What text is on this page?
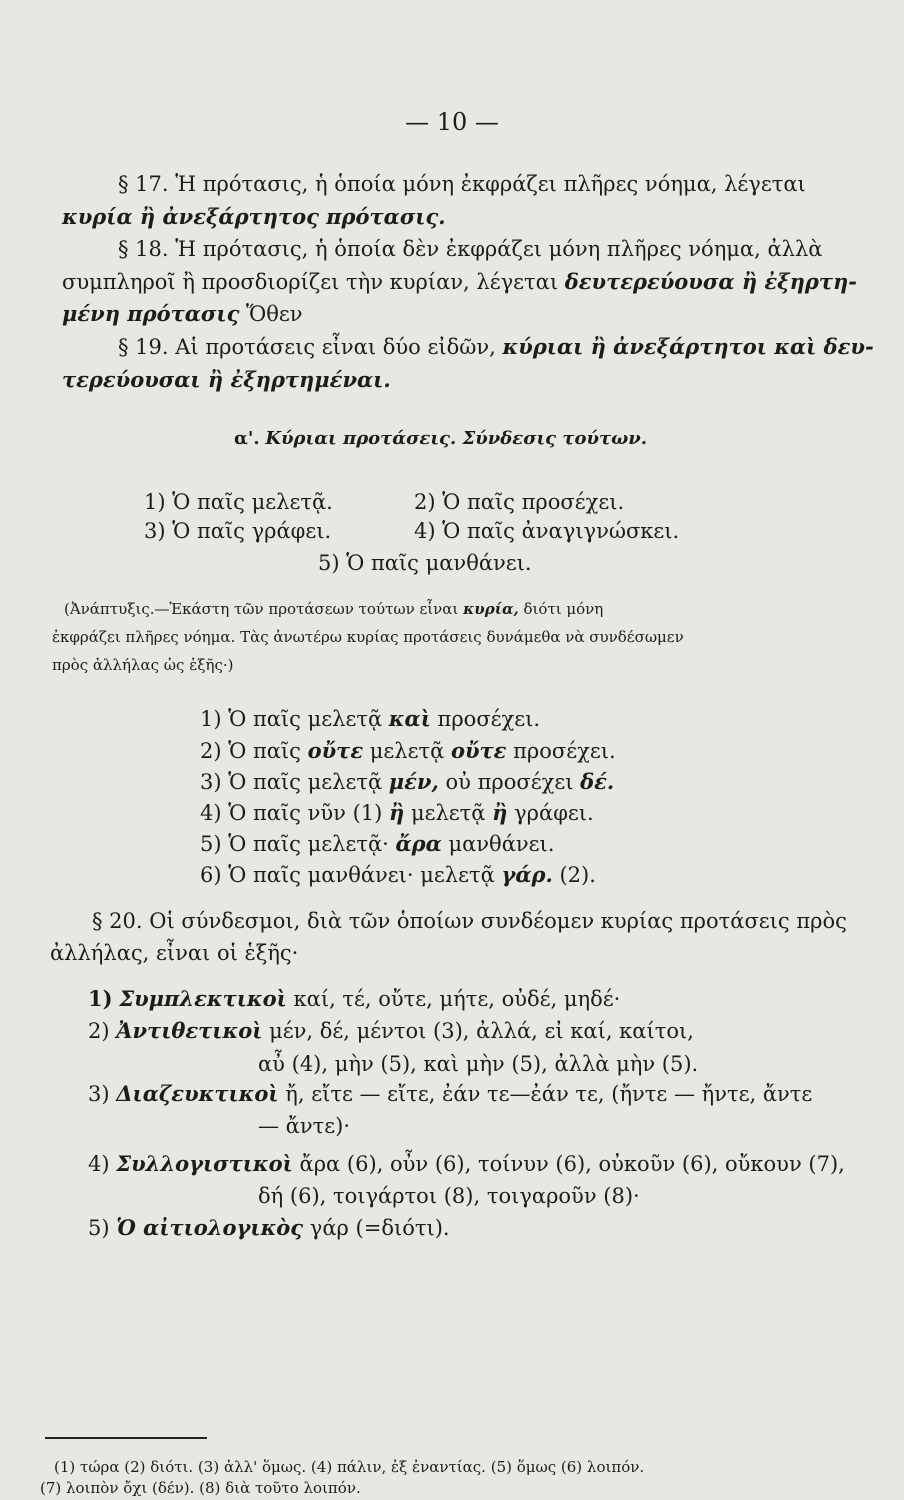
— 10 —
§ 17. Ἡ πρότασις, ἡ ὁποία μόνη ἐκφράζει πλῆρες νόημα, λέγεται
κυρία ἢ ἀνεξάρτητος πρότασις.
§ 18. Ἡ πρότασις, ἡ ὁποία δὲν ἐκφράζει μόνη πλῆρες νόημα, ἀλλὰ
συμπληροῖ ἢ προσδιορίζει τὴν κυρίαν, λέγεται δευτερεύουσα ἢ ἐξηρτη-
μένη πρότασις Ὅθεν
§ 19. Αἱ προτάσεις εἶναι δύο εἰδῶν, κύριαι ἢ ἀνεξάρτητοι καὶ δευ-
τερεύουσαι ἢ ἐξηρτημέναι.
α'. Κύριαι προτάσεις. Σύνδεσις τούτων.
1) Ὁ παῖς μελετᾷ.	2) Ὁ παῖς προσέχει.
3) Ὁ παῖς γράφει.	4) Ὁ παῖς ἀναγιγνώσκει.
5) Ὁ παῖς μανθάνει.
(Ἀνάπτυξις.—Ἑκάστη τῶν προτάσεων τούτων εἶναι κυρία, διότι μόνη
ἐκφράζει πλῆρες νόημα. Τὰς ἀνωτέρω κυρίας προτάσεις δυνάμεθα νὰ συνδέσωμεν
πρὸς ἀλλήλας ὡς ἑξῆς·)
1) Ὁ παῖς μελετᾷ καὶ προσέχει.
2) Ὁ παῖς οὔτε μελετᾷ οὔτε προσέχει.
3) Ὁ παῖς μελετᾷ μέν, οὐ προσέχει δέ.
4) Ὁ παῖς νῦν (1) ἢ μελετᾷ ἢ γράφει.
5) Ὁ παῖς μελετᾷ· ἄρα μανθάνει.
6) Ὁ παῖς μανθάνει· μελετᾷ γάρ. (2).
§ 20. Οἱ σύνδεσμοι, διὰ τῶν ὁποίων συνδέομεν κυρίας προτάσεις πρὸς
ἀλλήλας, εἶναι οἱ ἑξῆς·
1) Συμπλεκτικοὶ καί, τέ, οὔτε, μήτε, οὐδέ, μηδέ·
2) Ἀντιθετικοὶ μέν, δέ, μέντοι (3), ἀλλά, εἰ καί, καίτοι,
αὖ (4), μὴν (5), καὶ μὴν (5), ἀλλὰ μὴν (5).
3) Διαζευκτικοὶ ἤ, εἴτε — εἴτε, ἐάν τε—ἐάν τε, (ἤντε — ἤντε, ἄντε
— ἄντε)·
4) Συλλογιστικοὶ ἄρα (6), οὖν (6), τοίνυν (6), οὐκοῦν (6), οὔκουν (7),
δή (6), τοιγάρτοι (8), τοιγαροῦν (8)·
5) Ὁ αἰτιολογικὸς γάρ (=διότι).
(1) τώρα (2) διότι. (3) ἀλλ' ὅμως. (4) πάλιν, ἐξ ἐναντίας. (5) ὅμως (6) λοιπόν.
(7) λοιπὸν ὄχι (δέν). (8) διὰ τοῦτο λοιπόν.
